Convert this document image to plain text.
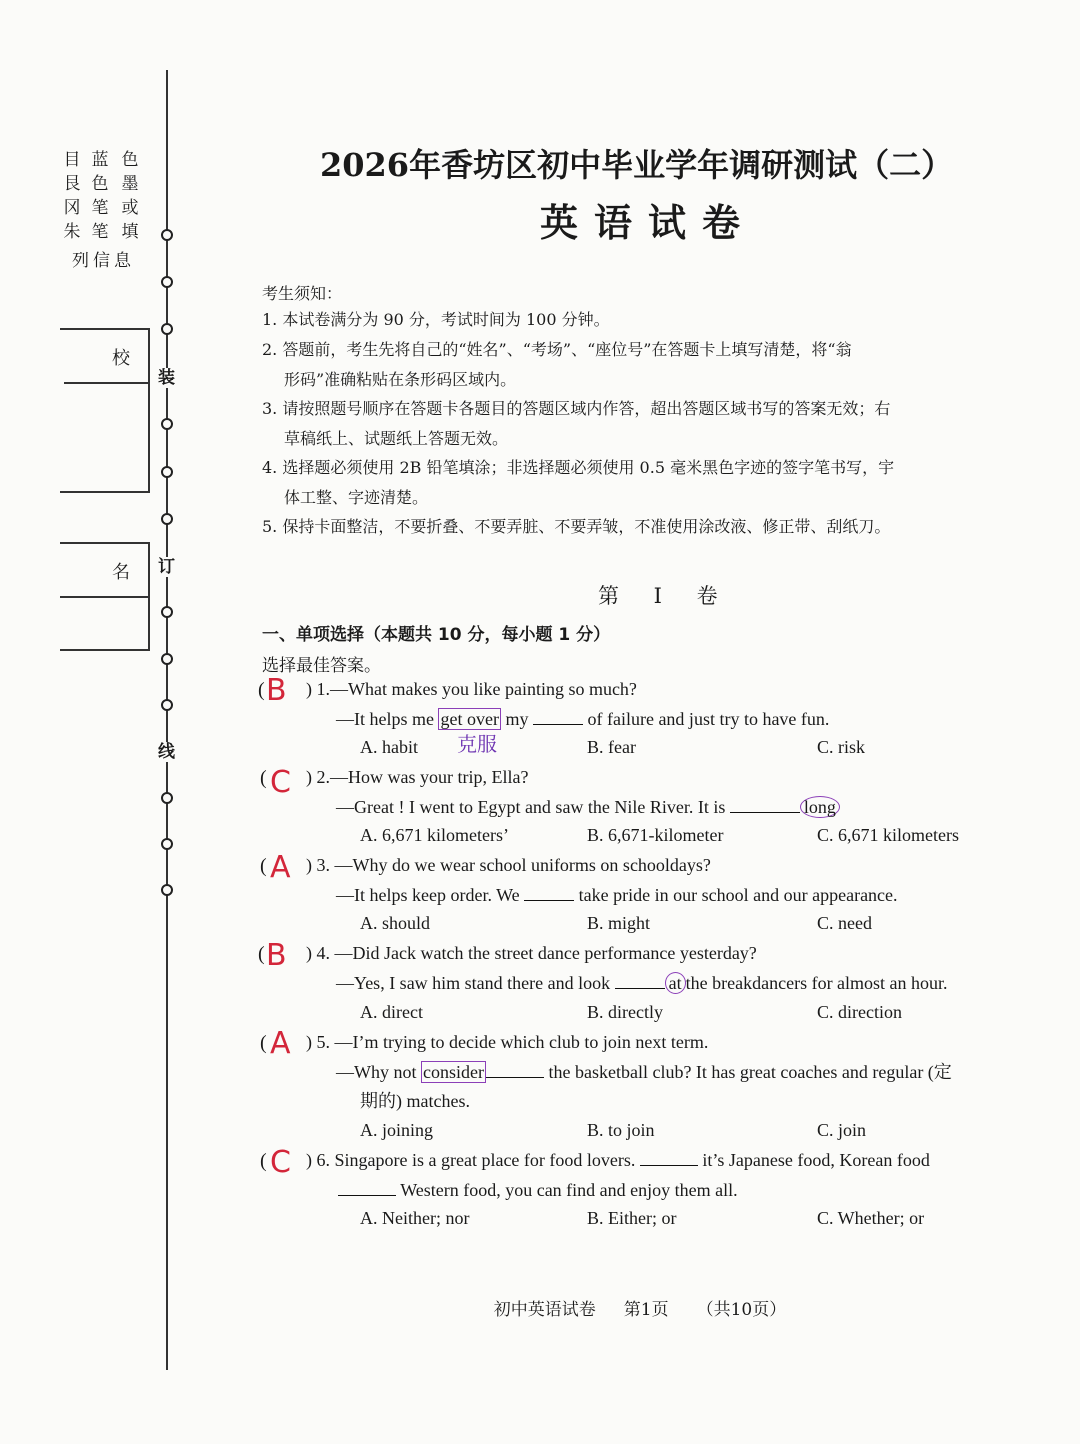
装
订
线
目
艮
冈
朱
蓝
色
笔
笔
色
墨
或
填
列信息
校
名
2026年香坊区初中毕业学年调研测试（二）
英语试卷
考生须知：
1. 本试卷满分为 90 分，考试时间为 100 分钟。
2. 答题前，考生先将自己的“姓名”、“考场”、“座位号”在答题卡上填写清楚，将“翁
形码”准确粘贴在条形码区域内。
3. 请按照题号顺序在答题卡各题目的答题区域内作答，超出答题区域书写的答案无效；右
草稿纸上、试题纸上答题无效。
4. 选择题必须使用 2B 铅笔填涂；非选择题必须使用 0.5 毫米黑色字迹的签字笔书写，宇
体工整、字迹清楚。
5. 保持卡面整洁，不要折叠、不要弄脏、不要弄皱，不准使用涂改液、修正带、刮纸刀。
第 I 卷
一、单项选择（本题共 10 分，每小题 1 分）
选择最佳答案。
( B ) 1.—What makes you like painting so much?
—It helps me get over my	of failure and just try to have fun.
克服
A. habit	B. fear	C. risk
( C ) 2.—How was your trip, Ella?
—Great ! I went to Egypt and saw the Nile River. It is	long
A. 6,671 kilometers’	B. 6,671-kilometer	C. 6,671 kilometers
( A ) 3. —Why do we wear school uniforms on schooldays?
—It helps keep order. We	take pride in our school and our appearance.
A. should	B. might	C. need
( B ) 4. —Did Jack watch the street dance performance yesterday?
—Yes, I saw him stand there and look	at the breakdancers for almost an hour.
A. direct	B. directly	C. direction
( A ) 5. —I’m trying to decide which club to join next term.
—Why not consider	the basketball club? It has great coaches and regular (定
期的) matches.
A. joining	B. to join	C. join
( C ) 6. Singapore is a great place for food lovers.	it’s Japanese food, Korean food
Western food, you can find and enjoy them all.
A. Neither; nor	B. Either; or	C. Whether; or
初中英语试卷 第1页 （共10页）
